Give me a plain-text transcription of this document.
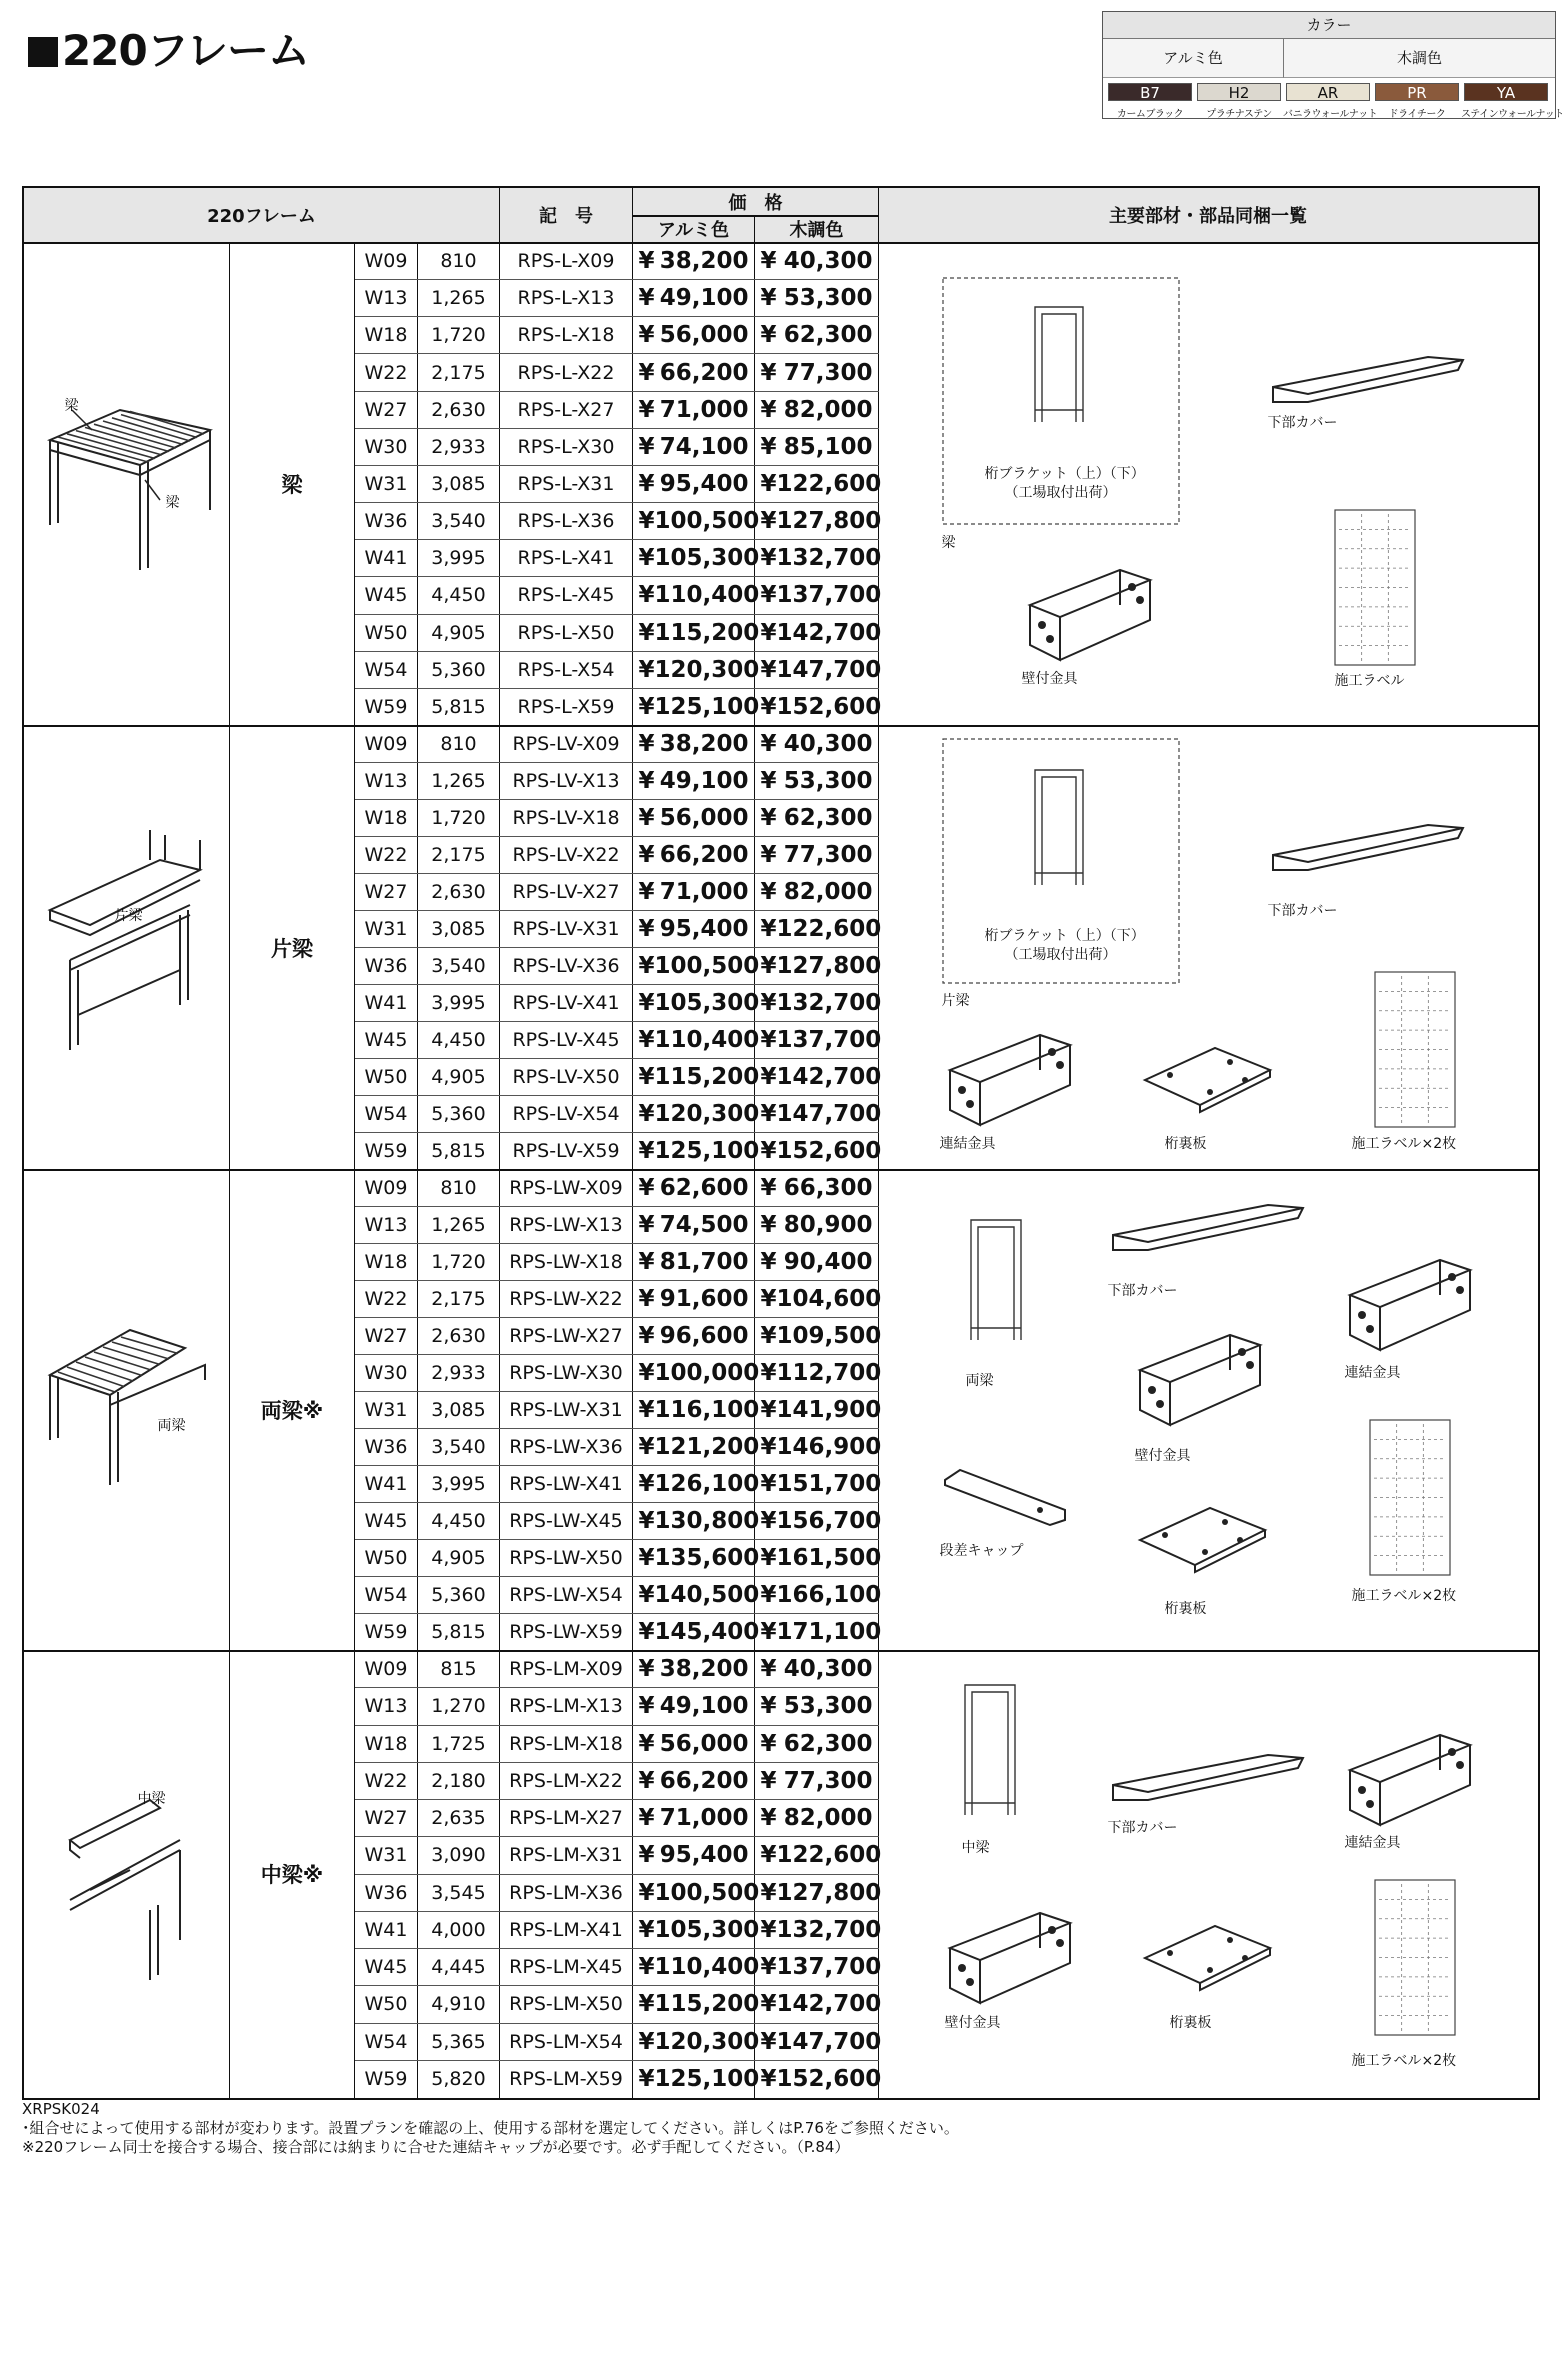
220フレーム
カラー
アルミ色	木調色
B7
カームブラック
H2
プラチナステン
AR
バニラウォールナット
PR
ドライチーク
YA
ステインウォールナット
220フレーム	記　号
価　格
アルミ色	木調色
主要部材・部品同梱一覧
梁
W09	810	RPS-L-X09	¥ 38,200 ¥ 40,300
W13	1,265	RPS-L-X13	¥ 49,100 ¥ 53,300
W18	1,720	RPS-L-X18	¥ 56,000 ¥ 62,300
W22	2,175	RPS-L-X22	¥ 66,200 ¥ 77,300
W27	2,630	RPS-L-X27	¥ 71,000 ¥ 82,000
W30	2,933	RPS-L-X30	¥ 74,100 ¥ 85,100
W31	3,085	RPS-L-X31	¥ 95,400 ¥ 122,600
W36	3,540	RPS-L-X36	¥ 100,500 ¥ 127,800
W41	3,995	RPS-L-X41	¥ 105,300 ¥ 132,700
W45	4,450	RPS-L-X45	¥ 110,400 ¥ 137,700
W50	4,905	RPS-L-X50	¥ 115,200 ¥ 142,700
W54	5,360	RPS-L-X54	¥ 120,300 ¥ 147,700
W59	5,815	RPS-L-X59	¥ 125,100 ¥ 152,600
片梁
W09	810	RPS-LV-X09 ¥ 38,200 ¥ 40,300
W13	1,265	RPS-LV-X13 ¥ 49,100 ¥ 53,300
W18	1,720	RPS-LV-X18 ¥ 56,000 ¥ 62,300
W22	2,175	RPS-LV-X22 ¥ 66,200 ¥ 77,300
W27	2,630	RPS-LV-X27 ¥ 71,000 ¥ 82,000
W31	3,085	RPS-LV-X31 ¥ 95,400 ¥ 122,600
W36	3,540	RPS-LV-X36 ¥ 100,500 ¥ 127,800
W41	3,995	RPS-LV-X41 ¥ 105,300 ¥ 132,700
W45	4,450	RPS-LV-X45 ¥ 110,400 ¥ 137,700
W50	4,905	RPS-LV-X50 ¥ 115,200 ¥ 142,700
W54	5,360	RPS-LV-X54 ¥ 120,300 ¥ 147,700
W59	5,815	RPS-LV-X59 ¥ 125,100 ¥ 152,600
両梁※
W09	810	RPS-LW-X09 ¥ 62,600 ¥ 66,300
W13	1,265	RPS-LW-X13 ¥ 74,500 ¥ 80,900
W18	1,720	RPS-LW-X18 ¥ 81,700 ¥ 90,400
W22	2,175	RPS-LW-X22 ¥ 91,600 ¥ 104,600
W27	2,630	RPS-LW-X27 ¥ 96,600 ¥ 109,500
W30	2,933	RPS-LW-X30 ¥ 100,000 ¥ 112,700
W31	3,085	RPS-LW-X31 ¥ 116,100 ¥ 141,900
W36	3,540	RPS-LW-X36 ¥ 121,200 ¥ 146,900
W41	3,995	RPS-LW-X41 ¥ 126,100 ¥ 151,700
W45	4,450	RPS-LW-X45 ¥ 130,800 ¥ 156,700
W50	4,905	RPS-LW-X50 ¥ 135,600 ¥ 161,500
W54	5,360	RPS-LW-X54 ¥ 140,500 ¥ 166,100
W59	5,815	RPS-LW-X59 ¥ 145,400 ¥ 171,100
中梁※
W09	815	RPS-LM-X09 ¥ 38,200 ¥ 40,300
W13	1,270	RPS-LM-X13 ¥ 49,100 ¥ 53,300
W18	1,725	RPS-LM-X18 ¥ 56,000 ¥ 62,300
W22	2,180	RPS-LM-X22 ¥ 66,200 ¥ 77,300
W27	2,635	RPS-LM-X27 ¥ 71,000 ¥ 82,000
W31	3,090	RPS-LM-X31 ¥ 95,400 ¥ 122,600
W36	3,545	RPS-LM-X36 ¥ 100,500 ¥ 127,800
W41	4,000	RPS-LM-X41 ¥ 105,300 ¥ 132,700
W45	4,445	RPS-LM-X45 ¥ 110,400 ¥ 137,700
W50	4,910	RPS-LM-X50 ¥ 115,200 ¥ 142,700
W54	5,365	RPS-LM-X54 ¥ 120,300 ¥ 147,700
W59	5,820	RPS-LM-X59 ¥ 125,100 ¥ 152,600
梁
梁
片梁
両梁
中梁
桁ブラケット（上）（下）
（工場取付出荷）
梁
下部カバー
壁付金具	施工ラベル
桁ブラケット（上）（下）
（工場取付出荷）
片梁
下部カバー
連結金具	桁裏板	施工ラベル×2枚
両梁
下部カバー
連結金具
壁付金具
段差キャップ
桁裏板
施工ラベル×2枚
中梁
下部カバー
連結金具
壁付金具	桁裏板
施工ラベル×2枚
XRPSK024
･組合せによって使用する部材が変わります。設置プランを確認の上、使用する部材を選定してください。詳しくはP.76をご参照ください。
※220フレーム同士を接合する場合、接合部には納まりに合せた連結キャップが必要です。必ず手配してください。（P.84）
